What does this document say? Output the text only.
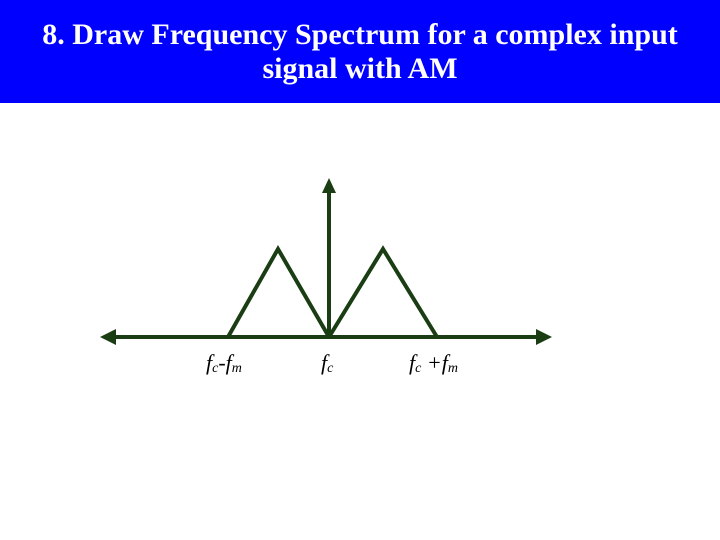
8. Draw Frequency Spectrum for a complex input
signal with AM
$f_c-f_m$	$f_c$	$f_c +f_m$
